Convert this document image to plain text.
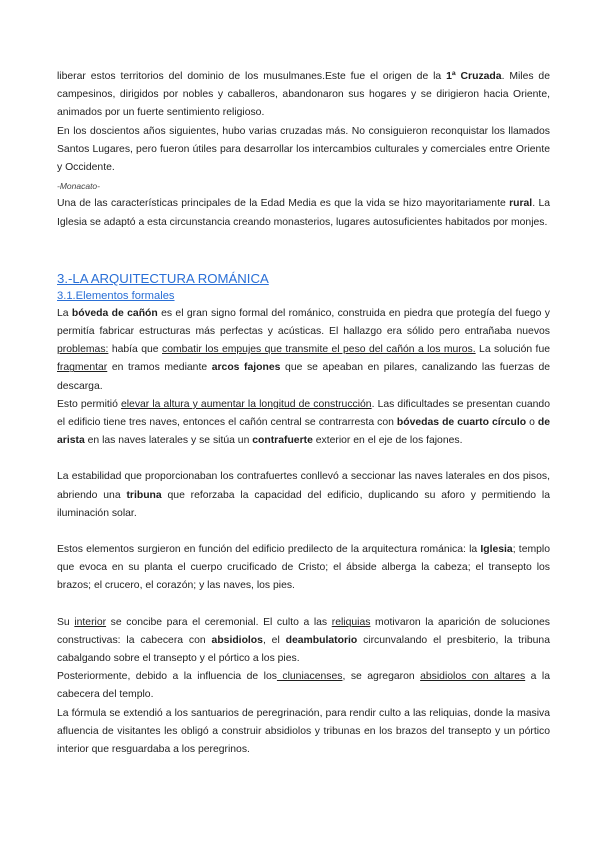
liberar estos territorios del dominio de los musulmanes.Este fue el origen de la 1ª Cruzada. Miles de campesinos, dirigidos por nobles y caballeros, abandonaron sus hogares y se dirigieron hacia Oriente, animados por un fuerte sentimiento religioso.

En los doscientos años siguientes, hubo varias cruzadas más. No consiguieron reconquistar los llamados Santos Lugares, pero fueron útiles para desarrollar los intercambios culturales y comerciales entre Oriente y Occidente.

-Monacato-

Una de las características principales de la Edad Media es que la vida se hizo mayoritariamente rural. La Iglesia se adaptó a esta circunstancia creando monasterios, lugares autosuficientes habitados por monjes.

3.-LA ARQUITECTURA ROMÁNICA
3.1.Elementos formales

La bóveda de cañón es el gran signo formal del románico, construida en piedra que protegía del fuego y permitía fabricar estructuras más perfectas y acústicas. El hallazgo era sólido pero entrañaba nuevos problemas: había que combatir los empujes que transmite el peso del cañón a los muros. La solución fue fragmentar en tramos mediante arcos fajones que se apeaban en pilares, canalizando las fuerzas de descarga.

Esto permitió elevar la altura y aumentar la longitud de construcción. Las dificultades se presentan cuando el edificio tiene tres naves, entonces el cañón central se contrarresta con bóvedas de cuarto círculo o de arista en las naves laterales y se sitúa un contrafuerte exterior en el eje de los fajones.

La estabilidad que proporcionaban los contrafuertes conllevó a seccionar las naves laterales en dos pisos, abriendo una tribuna que reforzaba la capacidad del edificio, duplicando su aforo y permitiendo la iluminación solar.

Estos elementos surgieron en función del edificio predilecto de la arquitectura románica: la Iglesia; templo que evoca en su planta el cuerpo crucificado de Cristo; el ábside alberga la cabeza; el transepto los brazos; el crucero, el corazón; y las naves, los pies.

Su interior se concibe para el ceremonial. El culto a las reliquias motivaron la aparición de soluciones constructivas: la cabecera con absidiolos, el deambulatorio circunvalando el presbiterio, la tribuna cabalgando sobre el transepto y el pórtico a los pies.

Posteriormente, debido a la influencia de los cluniacenses, se agregaron absidiolos con altares a la cabecera del templo.

La fórmula se extendió a los santuarios de peregrinación, para rendir culto a las reliquias, donde la masiva afluencia de visitantes les obligó a construir absidiolos y tribunas en los brazos del transepto y un pórtico interior que resguardaba a los peregrinos.
